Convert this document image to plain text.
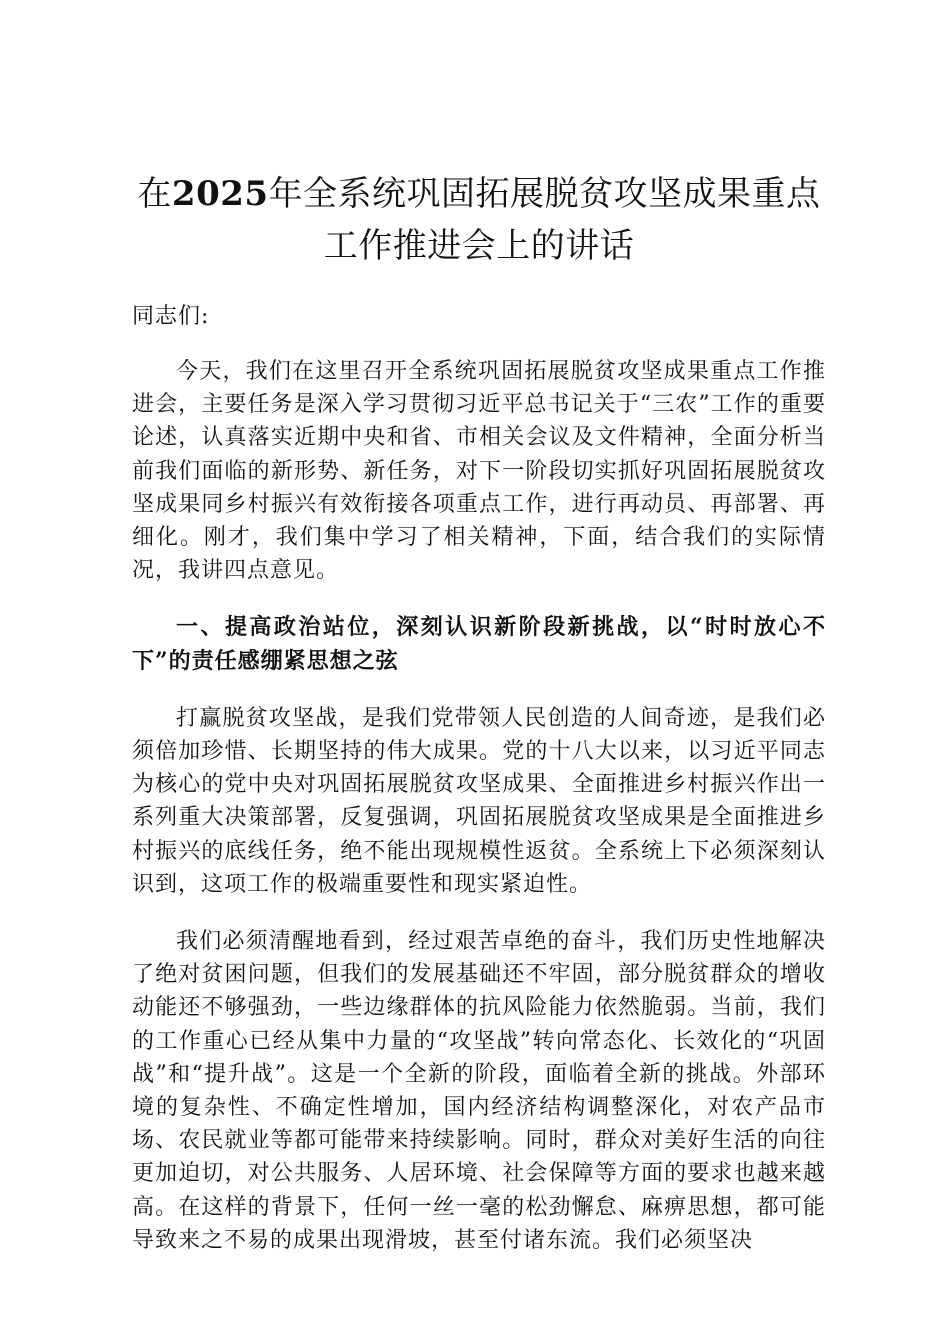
在2025年全系统巩固拓展脱贫攻坚成果重点
工作推进会上的讲话
同志们:

今天，我们在这里召开全系统巩固拓展脱贫攻坚成果重点工作推进会，主要任务是深入学习贯彻习近平总书记关于“三农”工作的重要论述，认真落实近期中央和省、市相关会议及文件精神，全面分析当前我们面临的新形势、新任务，对下一阶段切实抓好巩固拓展脱贫攻坚成果同乡村振兴有效衔接各项重点工作，进行再动员、再部署、再细化。刚才，我们集中学习了相关精神，下面，结合我们的实际情况，我讲四点意见。

一、提高政治站位，深刻认识新阶段新挑战，以“时时放心不下”的责任感绷紧思想之弦

打赢脱贫攻坚战，是我们党带领人民创造的人间奇迹，是我们必须倍加珍惜、长期坚持的伟大成果。党的十八大以来，以习近平同志为核心的党中央对巩固拓展脱贫攻坚成果、全面推进乡村振兴作出一系列重大决策部署，反复强调，巩固拓展脱贫攻坚成果是全面推进乡村振兴的底线任务，绝不能出现规模性返贫。全系统上下必须深刻认识到，这项工作的极端重要性和现实紧迫性。

我们必须清醒地看到，经过艰苦卓绝的奋斗，我们历史性地解决了绝对贫困问题，但我们的发展基础还不牢固，部分脱贫群众的增收动能还不够强劲，一些边缘群体的抗风险能力依然脆弱。当前，我们的工作重心已经从集中力量的“攻坚战”转向常态化、长效化的“巩固战”和“提升战”。这是一个全新的阶段，面临着全新的挑战。外部环境的复杂性、不确定性增加，国内经济结构调整深化，对农产品市场、农民就业等都可能带来持续影响。同时，群众对美好生活的向往更加迫切，对公共服务、人居环境、社会保障等方面的要求也越来越高。在这样的背景下，任何一丝一毫的松劲懈怠、麻痹思想，都可能导致来之不易的成果出现滑坡，甚至付诸东流。我们必须坚决
